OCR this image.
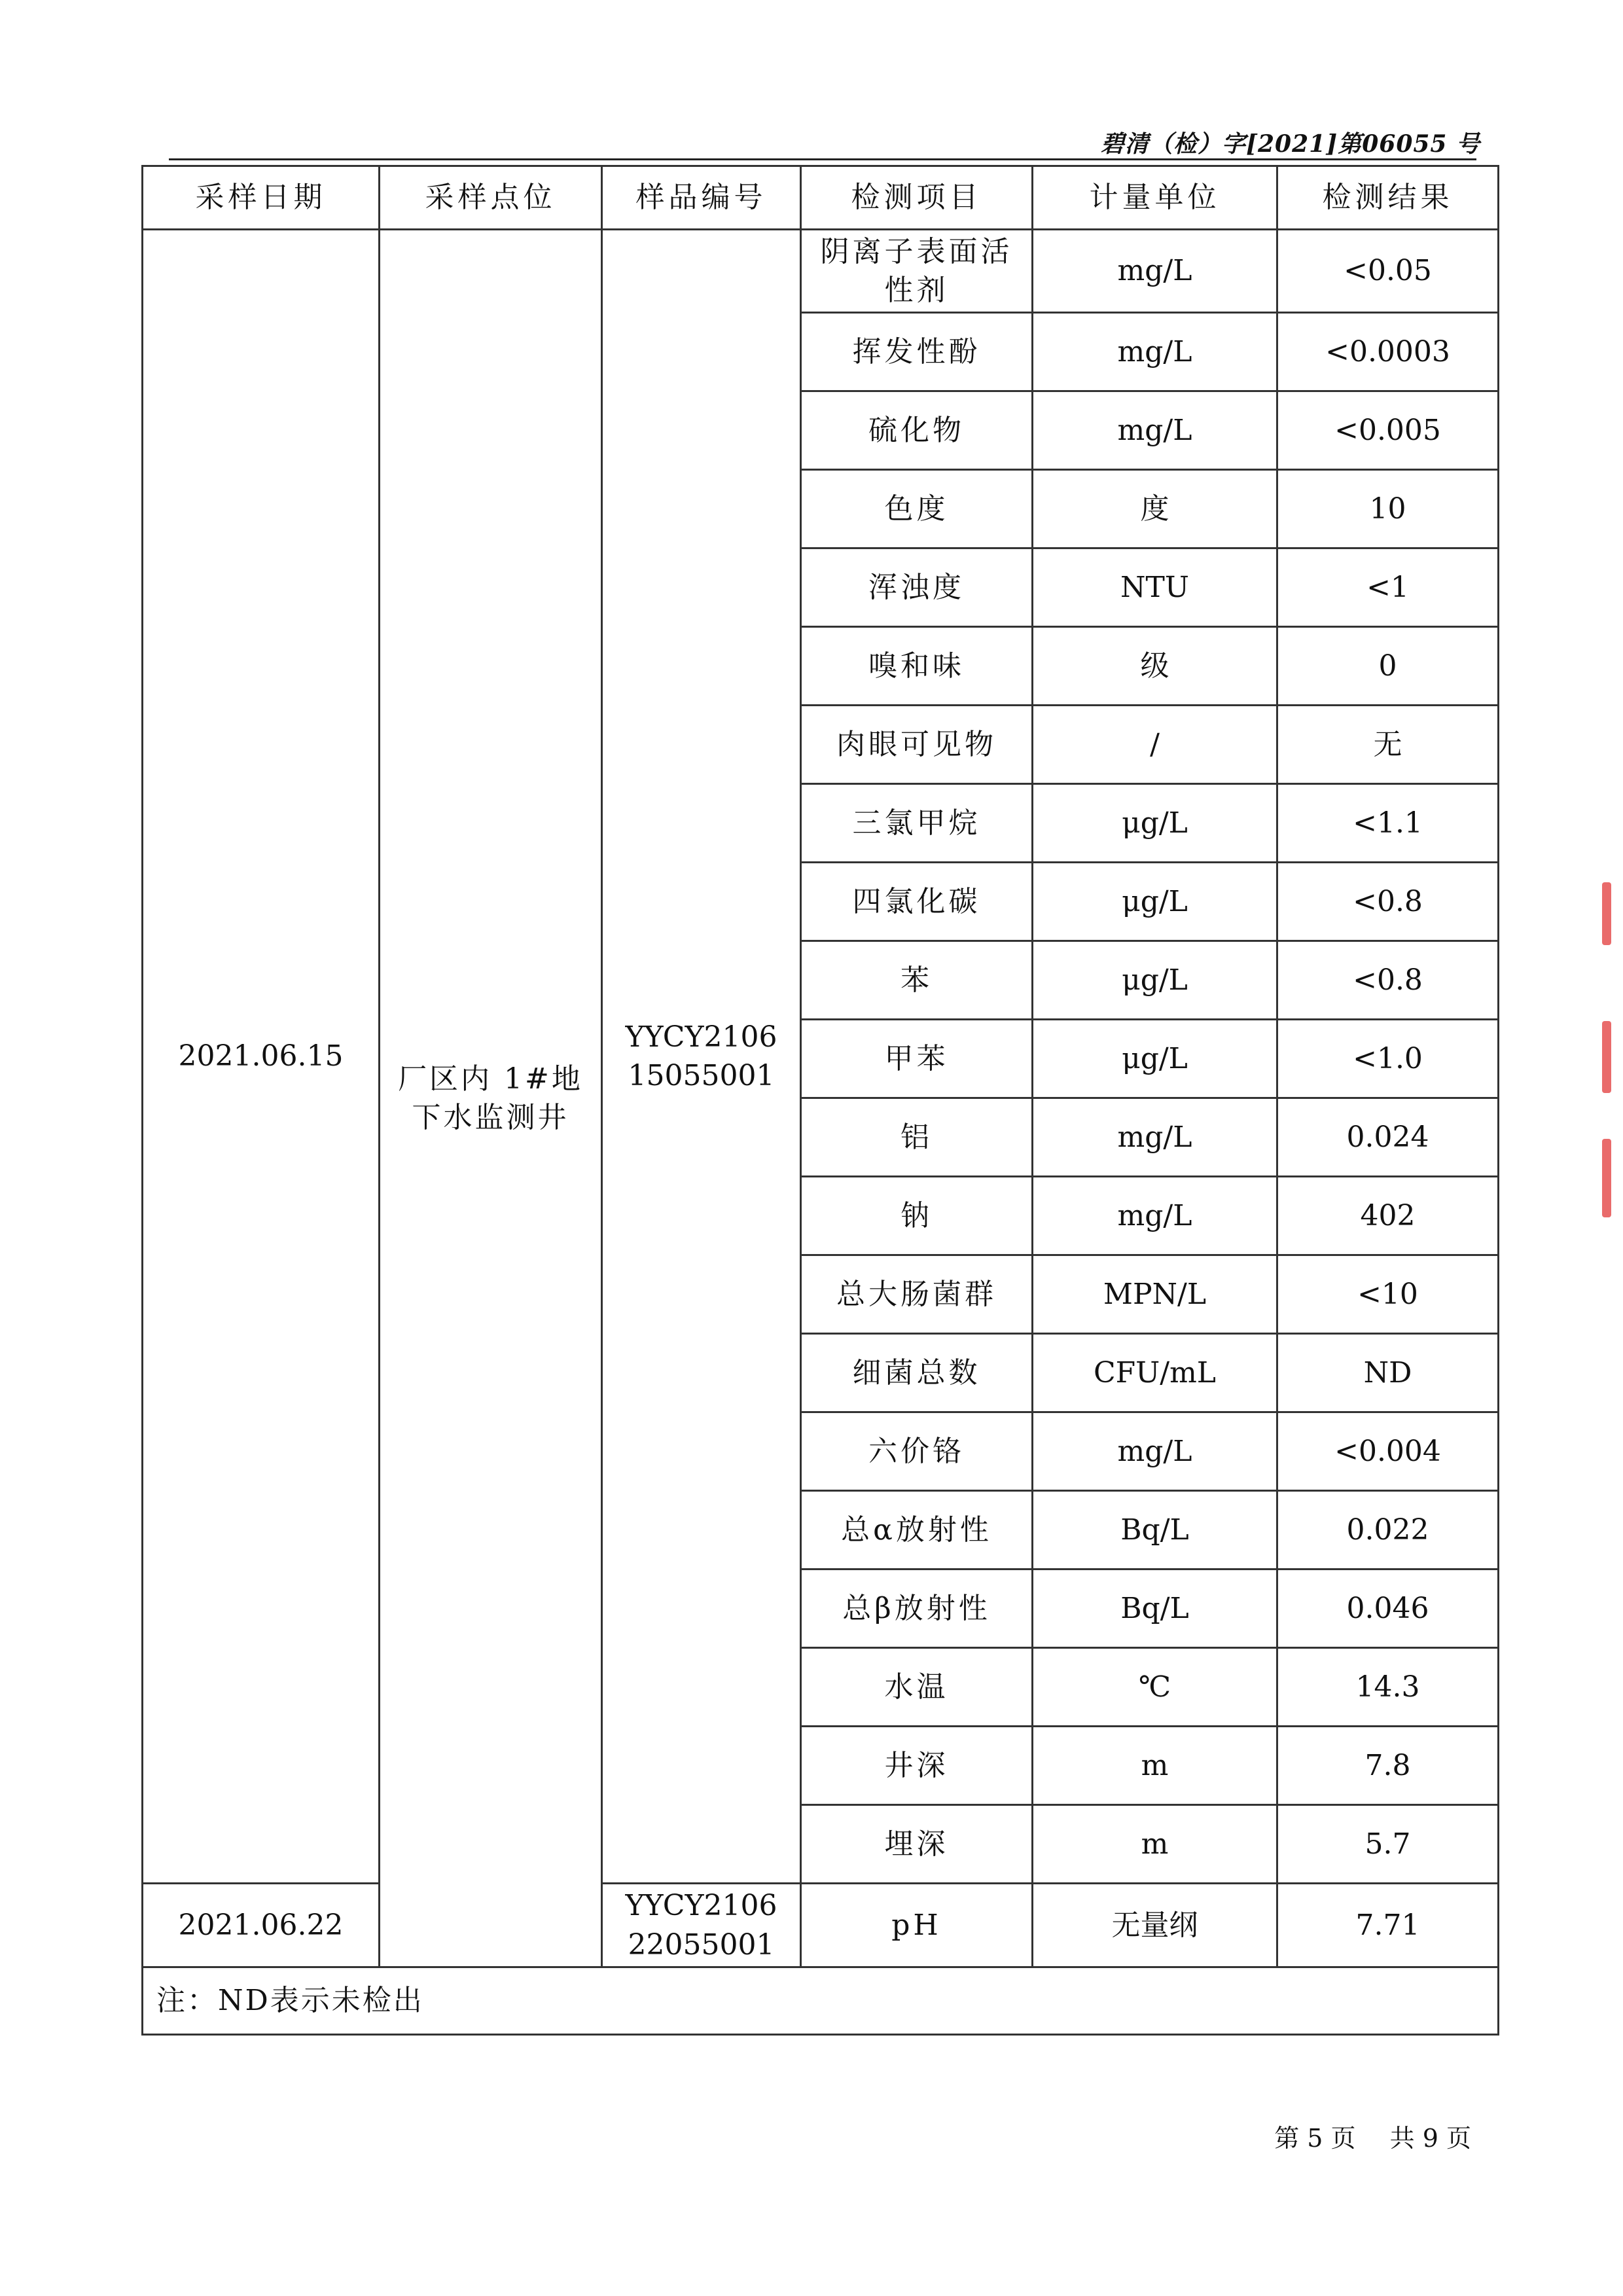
碧清（检）字[2021]第06055 号
采样日期	采样点位	样品编号	检测项目	计量单位	检测结果
2021.06.15	厂区内 1#地下水监测井	YYCY2106 15055001	阴离子表面活性剂	mg/L	<0.05
			挥发性酚	mg/L	<0.0003
			硫化物	mg/L	<0.005
			色度	度	10
			浑浊度	NTU	<1
			嗅和味	级	0
			肉眼可见物	/	无
			三氯甲烷	μg/L	<1.1
			四氯化碳	μg/L	<0.8
			苯	μg/L	<0.8
			甲苯	μg/L	<1.0
			铝	mg/L	0.024
			钠	mg/L	402
			总大肠菌群	MPN/L	<10
			细菌总数	CFU/mL	ND
			六价铬	mg/L	<0.004
			总α放射性	Bq/L	0.022
			总β放射性	Bq/L	0.046
			水温	℃	14.3
			井深	m	7.8
			埋深	m	5.7
2021.06.22		YYCY2106 22055001	pH	无量纲	7.71
注：ND表示未检出					
第 5 页 共 9 页
